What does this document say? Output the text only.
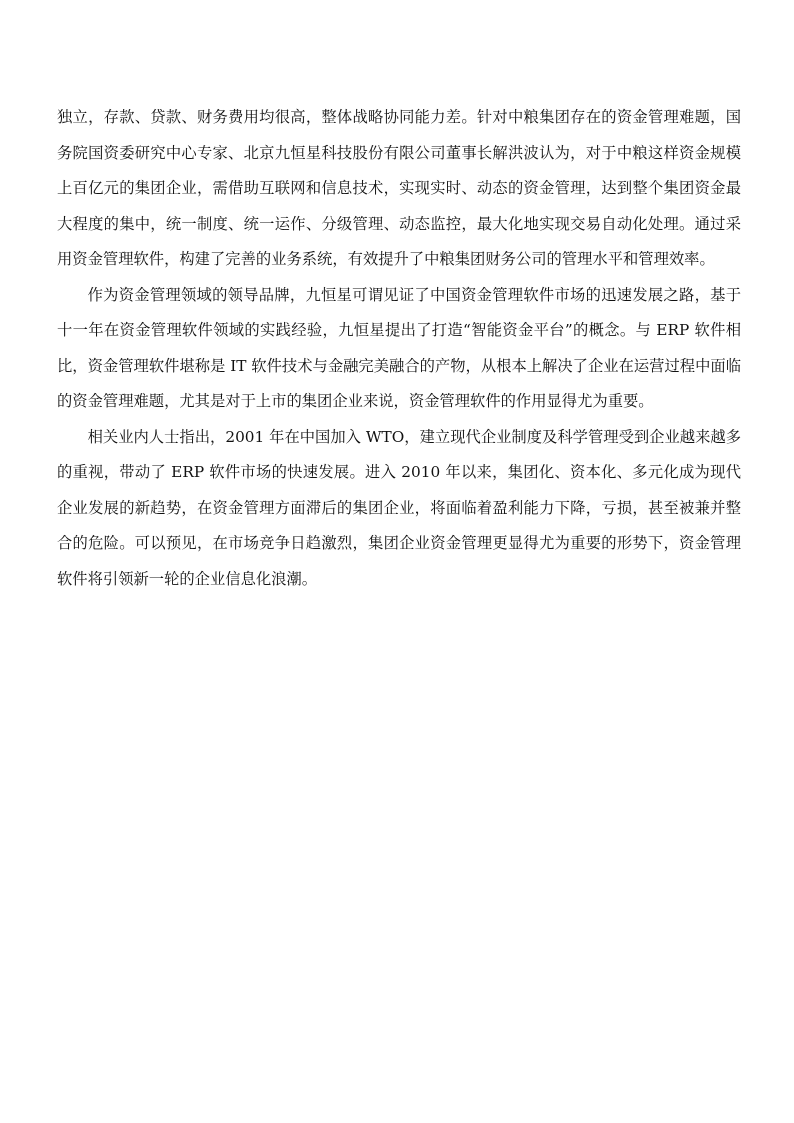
独立，存款、贷款、财务费用均很高，整体战略协同能力差。针对中粮集团存在的资金管理难题，国务院国资委研究中心专家、北京九恒星科技股份有限公司董事长解洪波认为，对于中粮这样资金规模上百亿元的集团企业，需借助互联网和信息技术，实现实时、动态的资金管理，达到整个集团资金最大程度的集中，统一制度、统一运作、分级管理、动态监控，最大化地实现交易自动化处理。通过采用资金管理软件，构建了完善的业务系统，有效提升了中粮集团财务公司的管理水平和管理效率。

作为资金管理领域的领导品牌，九恒星可谓见证了中国资金管理软件市场的迅速发展之路，基于十一年在资金管理软件领域的实践经验，九恒星提出了打造“智能资金平台”的概念。与 ERP 软件相比，资金管理软件堪称是 IT 软件技术与金融完美融合的产物，从根本上解决了企业在运营过程中面临的资金管理难题，尤其是对于上市的集团企业来说，资金管理软件的作用显得尤为重要。

相关业内人士指出，2001 年在中国加入 WTO，建立现代企业制度及科学管理受到企业越来越多的重视，带动了 ERP 软件市场的快速发展。进入 2010 年以来，集团化、资本化、多元化成为现代企业发展的新趋势，在资金管理方面滞后的集团企业，将面临着盈利能力下降，亏损，甚至被兼并整合的危险。可以预见，在市场竞争日趋激烈，集团企业资金管理更显得尤为重要的形势下，资金管理软件将引领新一轮的企业信息化浪潮。
